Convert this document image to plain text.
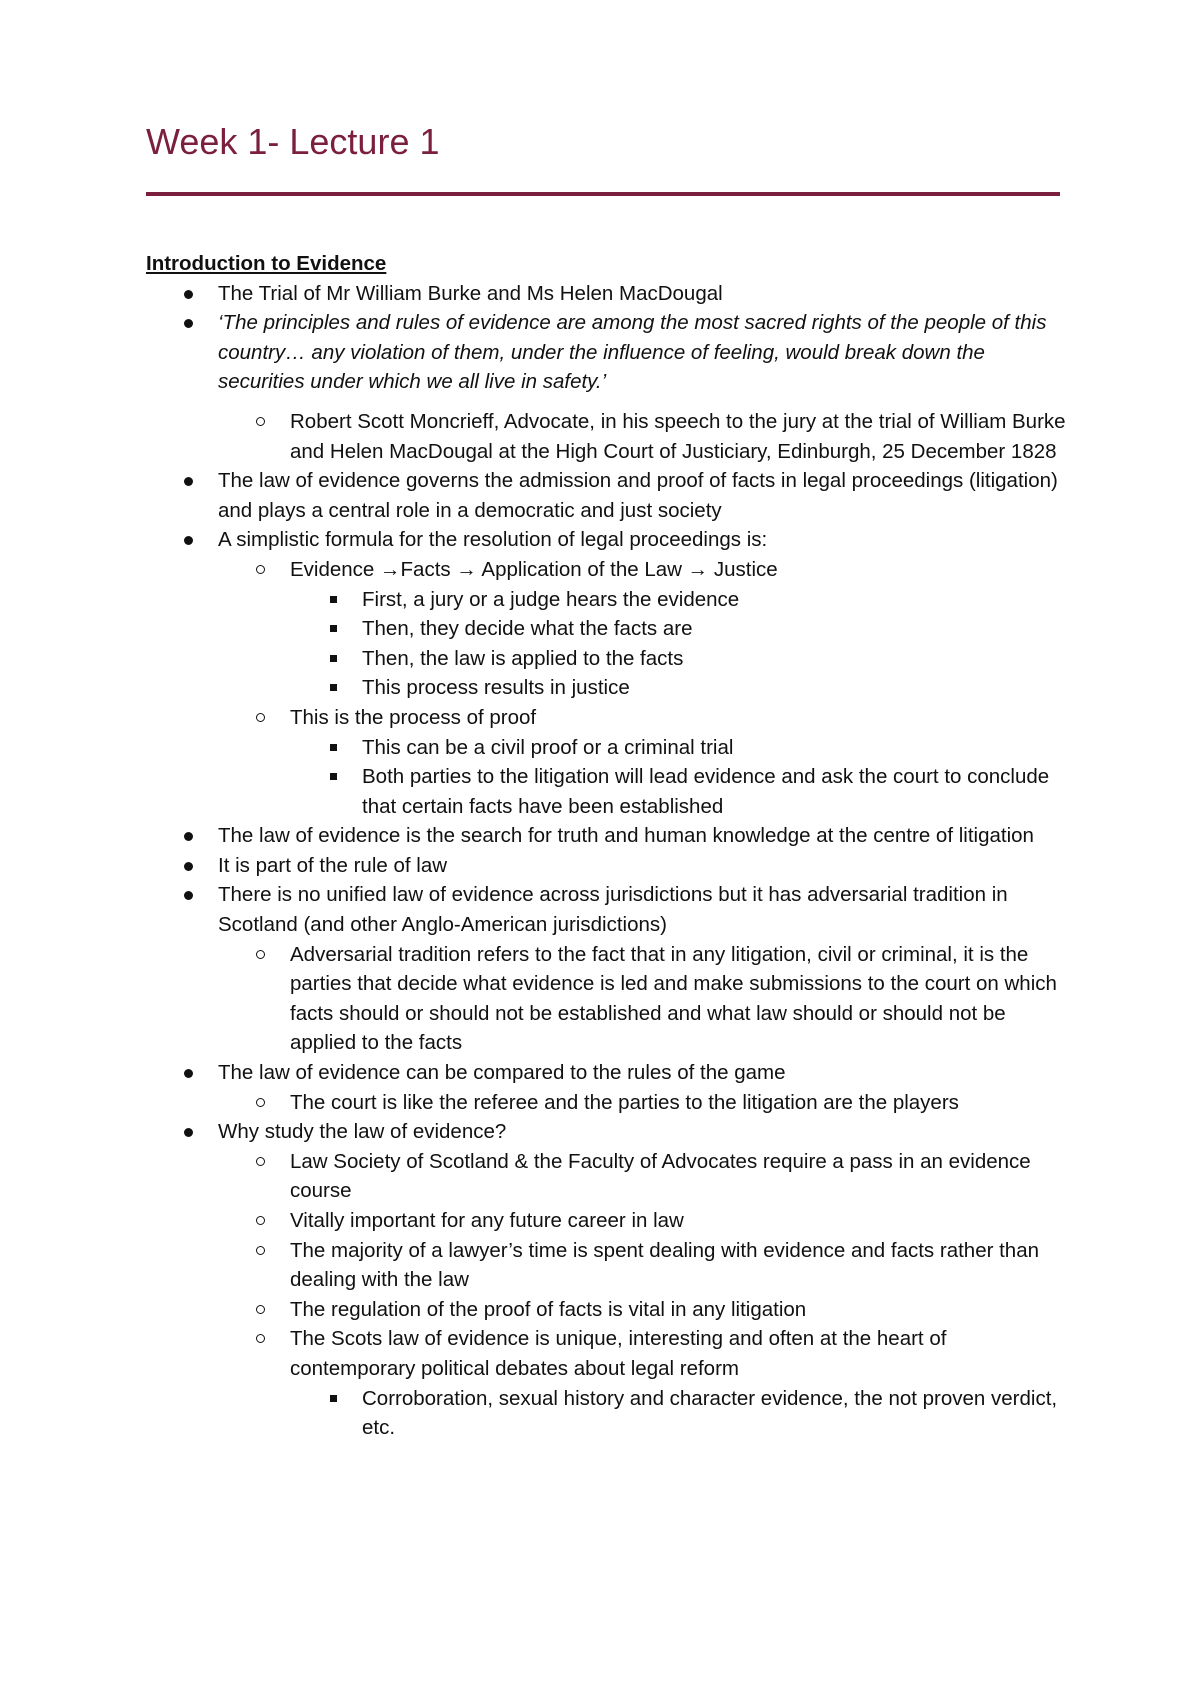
Week 1- Lecture 1
Introduction to Evidence
The Trial of Mr William Burke and Ms Helen MacDougal
‘The principles and rules of evidence are among the most sacred rights of the people of this country… any violation of them, under the influence of feeling, would break down the securities under which we all live in safety.’
Robert Scott Moncrieff, Advocate, in his speech to the jury at the trial of William Burke and Helen MacDougal at the High Court of Justiciary, Edinburgh, 25 December 1828
The law of evidence governs the admission and proof of facts in legal proceedings (litigation) and plays a central role in a democratic and just society
A simplistic formula for the resolution of legal proceedings is:
Evidence →Facts → Application of the Law → Justice
First, a jury or a judge hears the evidence
Then, they decide what the facts are
Then, the law is applied to the facts
This process results in justice
This is the process of proof
This can be a civil proof or a criminal trial
Both parties to the litigation will lead evidence and ask the court to conclude that certain facts have been established
The law of evidence is the search for truth and human knowledge at the centre of litigation
It is part of the rule of law
There is no unified law of evidence across jurisdictions but it has adversarial tradition in Scotland (and other Anglo-American jurisdictions)
Adversarial tradition refers to the fact that in any litigation, civil or criminal, it is the parties that decide what evidence is led and make submissions to the court on which facts should or should not be established and what law should or should not be applied to the facts
The law of evidence can be compared to the rules of the game
The court is like the referee and the parties to the litigation are the players
Why study the law of evidence?
Law Society of Scotland & the Faculty of Advocates require a pass in an evidence course
Vitally important for any future career in law
The majority of a lawyer’s time is spent dealing with evidence and facts rather than dealing with the law
The regulation of the proof of facts is vital in any litigation
The Scots law of evidence is unique, interesting and often at the heart of contemporary political debates about legal reform
Corroboration, sexual history and character evidence, the not proven verdict, etc.
